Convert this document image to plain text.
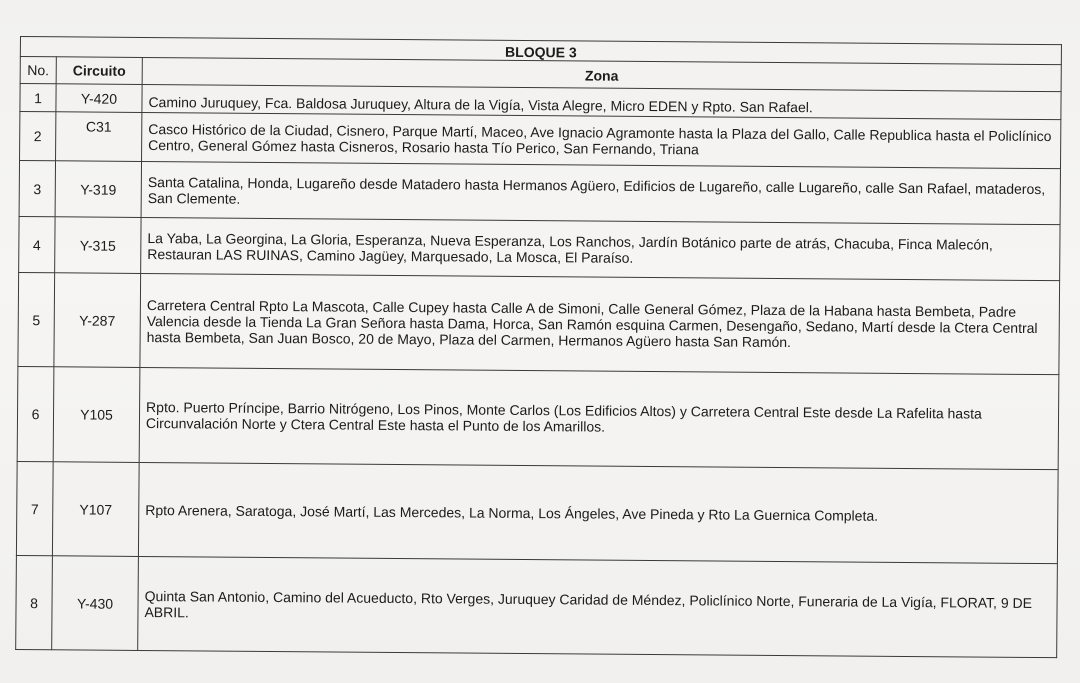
BLOQUE 3		
No.	Circuito	Zona
1	Y-420	Camino Juruquey, Fca. Baldosa Juruquey, Altura de la Vigía, Vista Alegre, Micro EDEN y Rpto. San Rafael.
2	C31	Casco Histórico de la Ciudad, Cisnero, Parque Martí, Maceo, Ave Ignacio Agramonte hasta la Plaza del Gallo, Calle Republica hasta el Policlínico Centro, General Gómez hasta Cisneros, Rosario hasta Tío Perico, San Fernando, Triana
3	Y-319	Santa Catalina, Honda, Lugareño desde Matadero hasta Hermanos Agüero, Edificios de Lugareño, calle Lugareño, calle San Rafael, mataderos, San Clemente.
4	Y-315	La Yaba, La Georgina, La Gloria, Esperanza, Nueva Esperanza, Los Ranchos, Jardín Botánico parte de atrás, Chacuba, Finca Malecón, Restauran LAS RUINAS, Camino Jagüey, Marquesado, La Mosca, El Paraíso.
5	Y-287	Carretera Central Rpto La Mascota, Calle Cupey hasta Calle A de Simoni, Calle General Gómez, Plaza de la Habana hasta Bembeta, Padre Valencia desde la Tienda La Gran Señora hasta Dama, Horca, San Ramón esquina Carmen, Desengaño, Sedano, Martí desde la Ctera Central hasta Bembeta, San Juan Bosco, 20 de Mayo, Plaza del Carmen, Hermanos Agüero hasta San Ramón.
6	Y105	Rpto. Puerto Príncipe, Barrio Nitrógeno, Los Pinos, Monte Carlos (Los Edificios Altos) y Carretera Central Este desde La Rafelita hasta Circunvalación Norte y Ctera Central Este hasta el Punto de los Amarillos.
7	Y107	Rpto Arenera, Saratoga, José Martí, Las Mercedes, La Norma, Los Ángeles, Ave Pineda y Rto La Guernica Completa.
8	Y-430	Quinta San Antonio, Camino del Acueducto, Rto Verges, Juruquey Caridad de Méndez, Policlínico Norte, Funeraria de La Vigía, FLORAT, 9 DE ABRIL.
